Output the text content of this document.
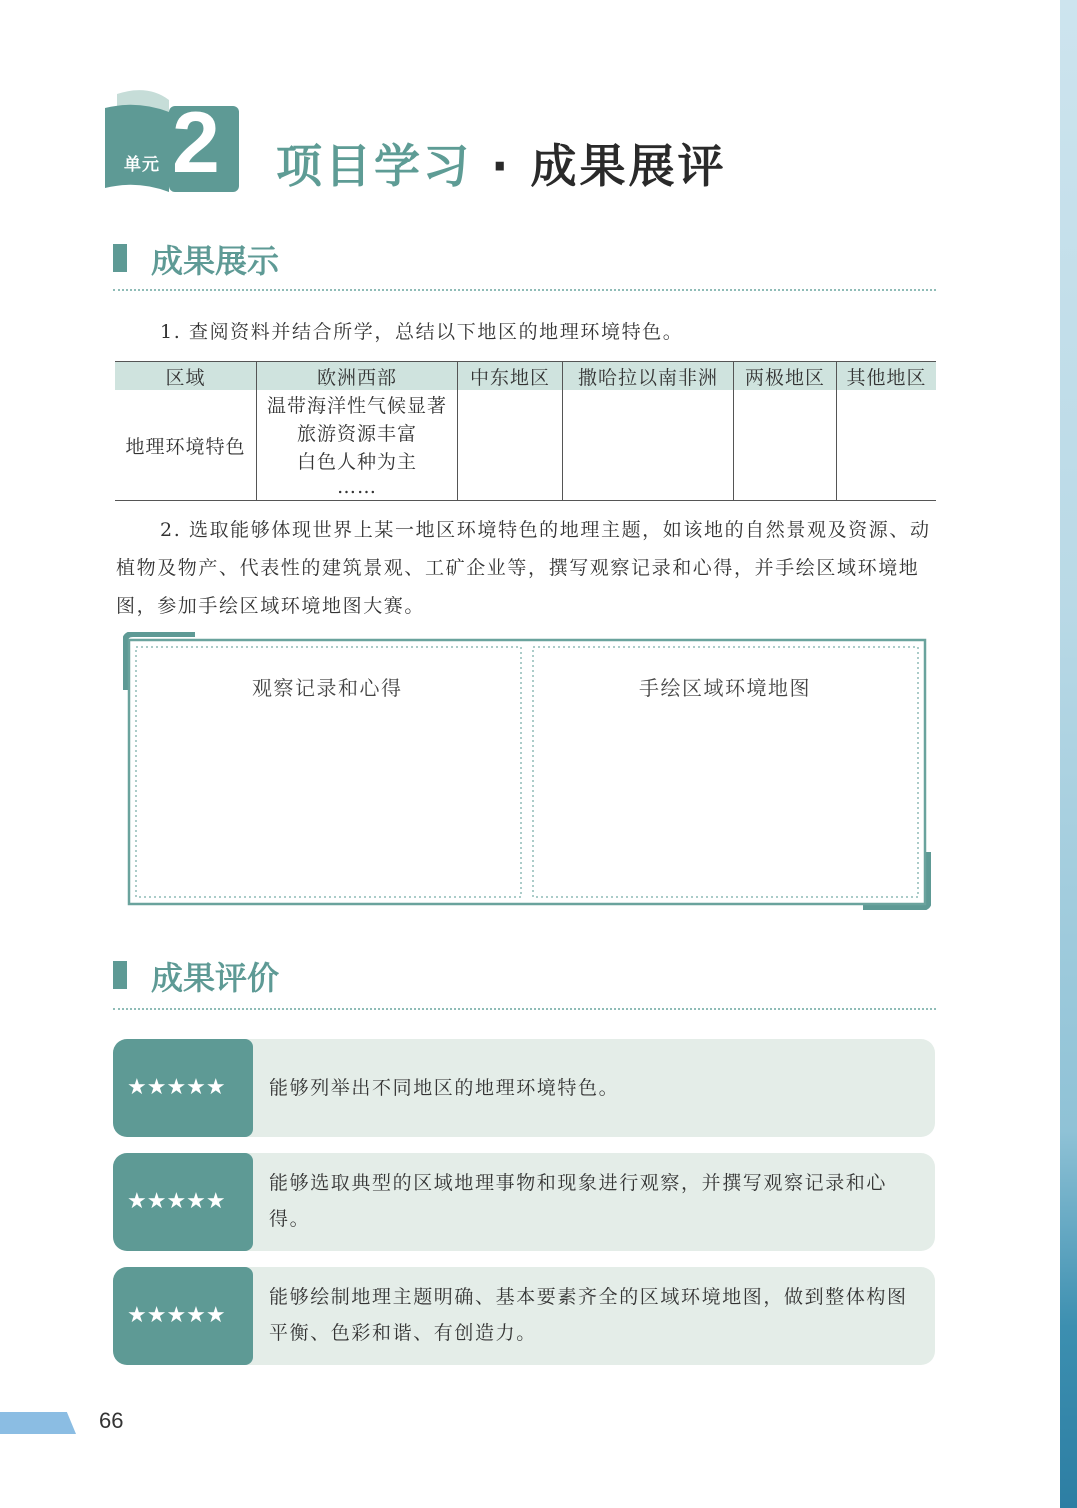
单元 2 项目学习 · 成果展评
成果展示
1. 查阅资料并结合所学，总结以下地区的地理环境特色。
区域	欧洲西部	中东地区	撒哈拉以南非洲	两极地区	其他地区
地理环境特色	温带海洋性气候显著
旅游资源丰富
白色人种为主
……				

2. 选取能够体现世界上某一地区环境特色的地理主题，如该地的自然景观及资源、动植物及物产、代表性的建筑景观、工矿企业等，撰写观察记录和心得，并手绘区域环境地图，参加手绘区域环境地图大赛。
观察记录和心得	手绘区域环境地图
成果评价
★★★★★ 能够列举出不同地区的地理环境特色。
★★★★★
能够选取典型的区域地理事物和现象进行观察，并撰写观察记录和心得。
★★★★★
能够绘制地理主题明确、基本要素齐全的区域环境地图，做到整体构图平衡、色彩和谐、有创造力。
66
